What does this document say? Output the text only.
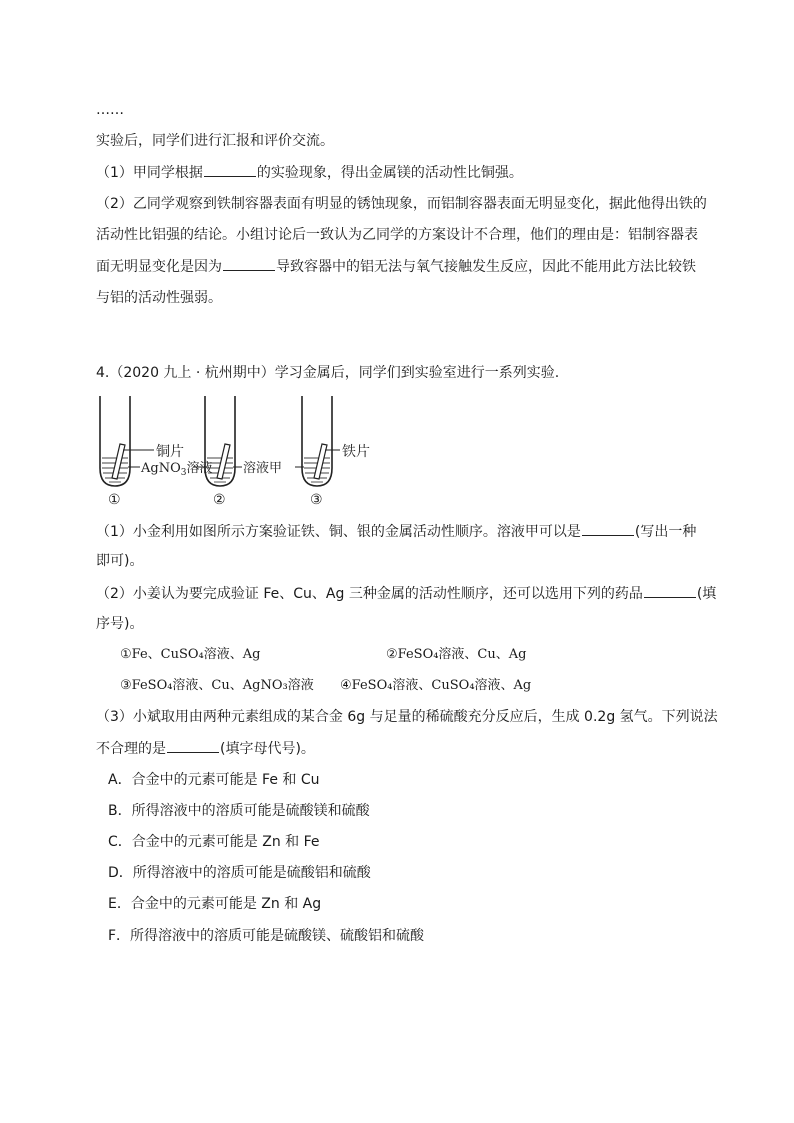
……
实验后，同学们进行汇报和评价交流。
（1）甲同学根据	的实验现象，得出金属镁的活动性比铜强。
（2）乙同学观察到铁制容器表面有明显的锈蚀现象，而铝制容器表面无明显变化，据此他得出铁的
活动性比铝强的结论。小组讨论后一致认为乙同学的方案设计不合理，他们的理由是：铝制容器表
面无明显变化是因为	导致容器中的铝无法与氧气接触发生反应，因此不能用此方法比较铁
与铝的活动性强弱。
4.（2020 九上 · 杭州期中）学习金属后，同学们到实验室进行一系列实验.
铜片
AgNO$_3$溶液
①
溶液甲
②
铁片
③
（1）小金利用如图所示方案验证铁、铜、银的金属活动性顺序。溶液甲可以是	(写出一种
即可)。
（2）小姜认为要完成验证 Fe、Cu、Ag 三种金属的活动性顺序，还可以选用下列的药品	(填
序号)。
①Fe、CuSO₄溶液、Ag	②FeSO₄溶液、Cu、Ag
③FeSO₄溶液、Cu、AgNO₃溶液 ④FeSO₄溶液、CuSO₄溶液、Ag
（3）小斌取用由两种元素组成的某合金 6g 与足量的稀硫酸充分反应后，生成 0.2g 氢气。下列说法
不合理的是	(填字母代号)。
A．合金中的元素可能是 Fe 和 Cu
B．所得溶液中的溶质可能是硫酸镁和硫酸
C．合金中的元素可能是 Zn 和 Fe
D．所得溶液中的溶质可能是硫酸铝和硫酸
E．合金中的元素可能是 Zn 和 Ag
F．所得溶液中的溶质可能是硫酸镁、硫酸铝和硫酸
